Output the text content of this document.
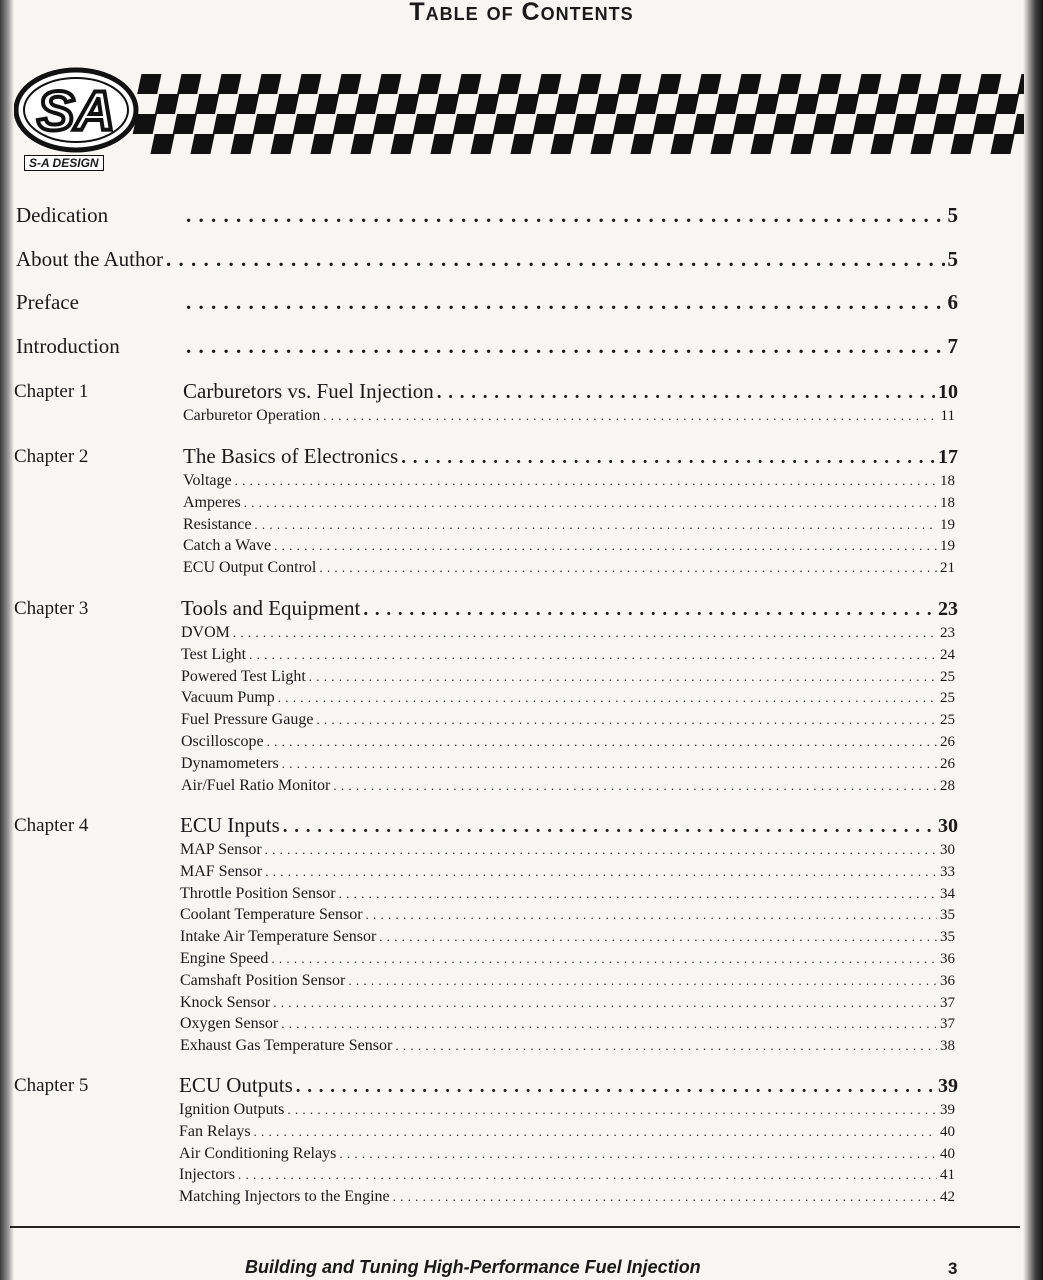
Table of Contents
SA
S-A DESIGN
Dedication . . .	5
About the Author . . .	5
Preface . . .	6
Introduction . . .	7
Chapter 1	Carburetors vs. Fuel Injection . . .	10
Carburetor Operation . . .	11
Chapter 2	The Basics of Electronics . . .	17
Voltage . . .	18
Amperes . . .	18
Resistance . . .	19
Catch a Wave . . .	19
ECU Output Control . . .	21
Chapter 3	Tools and Equipment . . .	23
DVOM . . .	23
Test Light . . .	24
Powered Test Light . . .	25
Vacuum Pump . . .	25
Fuel Pressure Gauge . . .	25
Oscilloscope . . .	26
Dynamometers . . .	26
Air/Fuel Ratio Monitor . . .	28
Chapter 4	ECU Inputs . . .	30
MAP Sensor . . .	30
MAF Sensor . . .	33
Throttle Position Sensor . . .	34
Coolant Temperature Sensor . . .	35
Intake Air Temperature Sensor . . .	35
Engine Speed . . .	36
Camshaft Position Sensor . . .	36
Knock Sensor . . .	37
Oxygen Sensor . . .	37
Exhaust Gas Temperature Sensor . . .	38
Chapter 5	ECU Outputs . . .	39
Ignition Outputs . . .	39
Fan Relays . . .	40
Air Conditioning Relays . . .	40
Injectors . . .	41
Matching Injectors to the Engine . . .	42
Building and Tuning High-Performance Fuel Injection	3
